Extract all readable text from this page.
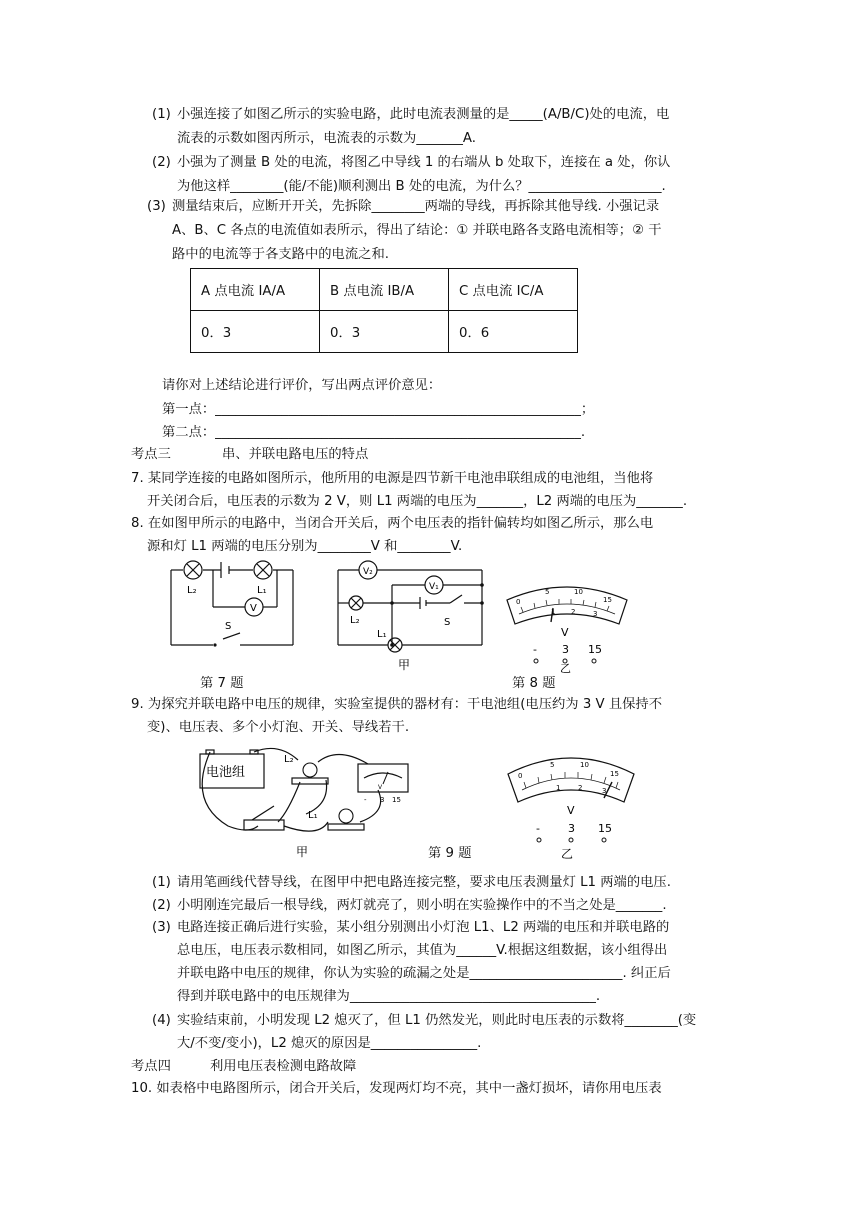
(1) 小强连接了如图乙所示的实验电路，此时电流表测量的是_____(A/B/C)处的电流，电
流表的示数如图丙所示，电流表的示数为_______A.
(2) 小强为了测量 B 处的电流，将图乙中导线 1 的右端从 b 处取下，连接在 a 处，你认
为他这样________(能/不能)顺利测出 B 处的电流，为什么？____________________.
(3) 测量结束后，应断开开关，先拆除________两端的导线，再拆除其他导线. 小强记录
A、B、C 各点的电流值如表所示，得出了结论：① 并联电路各支路电流相等；② 干
路中的电流等于各支路中的电流之和.
A 点电流 IA/A	B 点电流 IB/A	C 点电流 IC/A
0．3	0．3	0．6
请你对上述结论进行评价，写出两点评价意见：
第一点：_______________________________________________________；
第二点：_______________________________________________________.
考点三	串、并联电路电压的特点
7. 某同学连接的电路如图所示，他所用的电源是四节新干电池串联组成的电池组，当他将
开关闭合后，电压表的示数为 2 V，则 L1 两端的电压为_______，L2 两端的电压为_______.
8. 在如图甲所示的电路中，当闭合开关后，两个电压表的指针偏转均如图乙所示，那么电
源和灯 L1 两端的电压分别为________V 和________V.
L₂	L₁
V
S
V₂
V₁
L₂
L₁
S
甲
0
5	10
15
1 2	3
V
- 3 15
乙
第 7 题	第 8 题
9. 为探究并联电路中电压的规律，实验室提供的器材有：干电池组(电压约为 3 V 且保持不
变)、电压表、多个小灯泡、开关、导线若干.
电池组
L₂
L₁
V
- 3 15
甲
0
5	10
15
1	2	3
V
-	3 15
乙
第 9 题
(1) 请用笔画线代替导线，在图甲中把电路连接完整，要求电压表测量灯 L1 两端的电压.
(2) 小明刚连完最后一根导线，两灯就亮了，则小明在实验操作中的不当之处是_______.
(3) 电路连接正确后进行实验，某小组分别测出小灯泡 L1、L2 两端的电压和并联电路的
总电压，电压表示数相同，如图乙所示，其值为______V.根据这组数据，该小组得出
并联电路中电压的规律，你认为实验的疏漏之处是_______________________. 纠正后
得到并联电路中的电压规律为_____________________________________.
(4) 实验结束前，小明发现 L2 熄灭了，但 L1 仍然发光，则此时电压表的示数将________(变
大/不变/变小)，L2 熄灭的原因是________________.
考点四	利用电压表检测电路故障
10. 如表格中电路图所示，闭合开关后，发现两灯均不亮，其中一盏灯损坏，请你用电压表
